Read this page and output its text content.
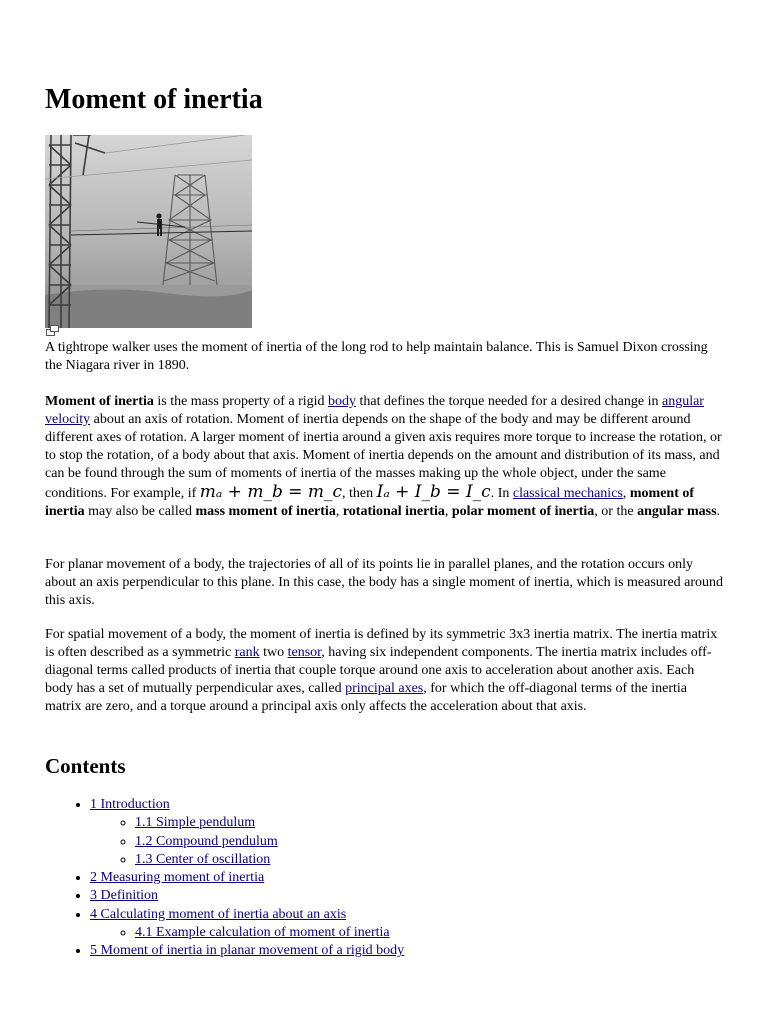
Moment of inertia

A tightrope walker uses the moment of inertia of the long rod to help maintain balance. This is Samuel Dixon crossing the Niagara river in 1890.

Moment of inertia is the mass property of a rigid body that defines the torque needed for a desired change in angular velocity about an axis of rotation. Moment of inertia depends on the shape of the body and may be different around different axes of rotation. A larger moment of inertia around a given axis requires more torque to increase the rotation, or to stop the rotation, of a body about that axis. Moment of inertia depends on the amount and distribution of its mass, and can be found through the sum of moments of inertia of the masses making up the whole object, under the same conditions. For example, if mₐ + m_b = m_c, then Iₐ + I_b = I_c. In classical mechanics, moment of inertia may also be called mass moment of inertia, rotational inertia, polar moment of inertia, or the angular mass.

For planar movement of a body, the trajectories of all of its points lie in parallel planes, and the rotation occurs only about an axis perpendicular to this plane. In this case, the body has a single moment of inertia, which is measured around this axis.

For spatial movement of a body, the moment of inertia is defined by its symmetric 3x3 inertia matrix. The inertia matrix is often described as a symmetric rank two tensor, having six independent components. The inertia matrix includes off-diagonal terms called products of inertia that couple torque around one axis to acceleration about another axis. Each body has a set of mutually perpendicular axes, called principal axes, for which the off-diagonal terms of the inertia matrix are zero, and a torque around a principal axis only affects the acceleration about that axis.

Contents
• 1 Introduction
◦ 1.1 Simple pendulum
◦ 1.2 Compound pendulum
◦ 1.3 Center of oscillation
• 2 Measuring moment of inertia
• 3 Definition
• 4 Calculating moment of inertia about an axis
◦ 4.1 Example calculation of moment of inertia
• 5 Moment of inertia in planar movement of a rigid body
